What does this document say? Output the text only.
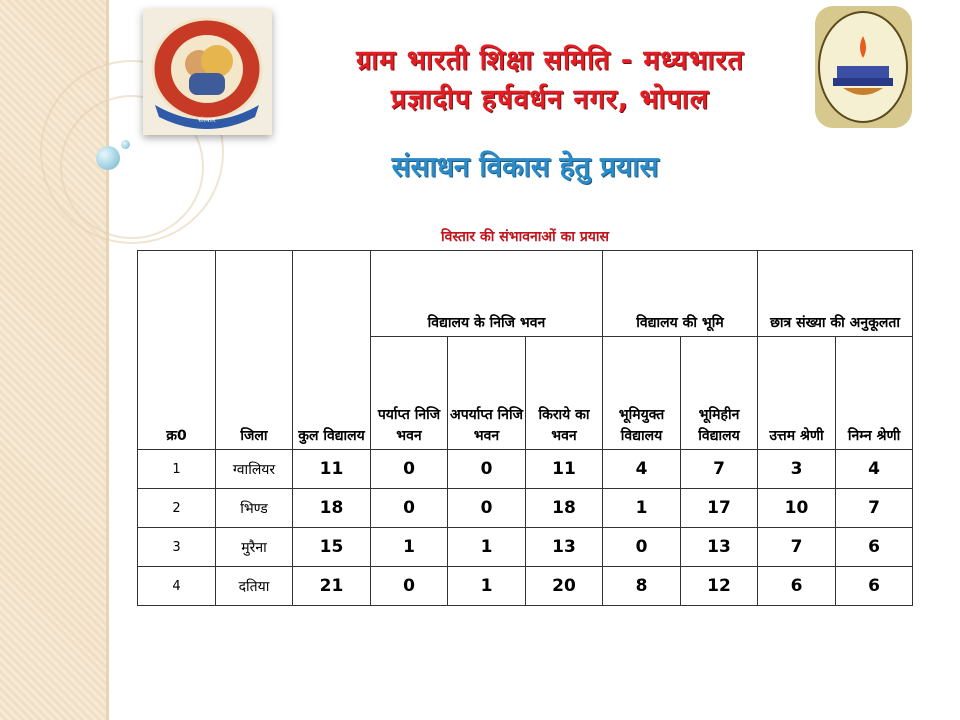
संस्कार
ग्राम भारती शिक्षा समिति - मध्यभारत
प्रज्ञादीप हर्षवर्धन नगर, भोपाल
संसाधन विकास हेतु प्रयास
विस्तार की संभावनाओं का प्रयास
क्र0	जिला	कुल विद्यालय	विद्यालय के निजि भवन			विद्यालय की भूमि		छात्र संख्या की अनुकूलता	
			पर्याप्त निजि भवन	अपर्याप्त निजि भवन	किराये का भवन	भूमियुक्त विद्यालय	भूमिहीन विद्यालय	उत्तम श्रेणी	निम्न श्रेणी
1	ग्वालियर	11	0	0	11	4	7	3	4
2	भिण्ड	18	0	0	18	1	17	10	7
3	मुरैना	15	1	1	13	0	13	7	6
4	दतिया	21	0	1	20	8	12	6	6
